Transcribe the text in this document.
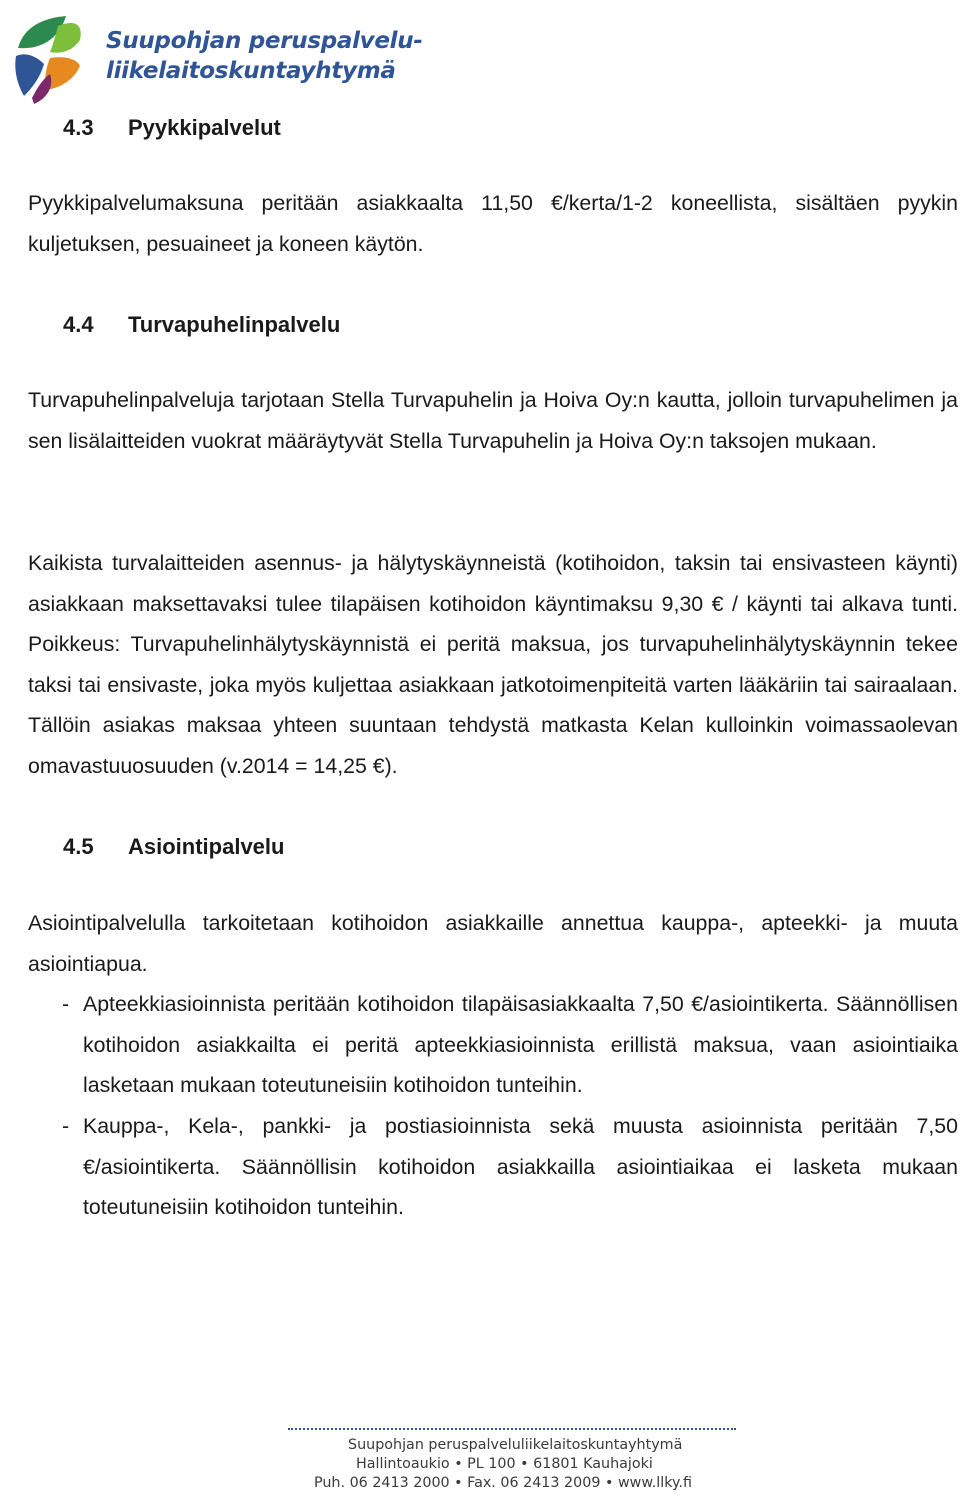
Suupohjan peruspalvelu-
liikelaitoskuntayhtymä
4.3 Pyykkipalvelut
Pyykkipalvelumaksuna peritään asiakkaalta 11,50 €/kerta/1-2 koneellista, sisältäen pyykin kuljetuksen, pesuaineet ja koneen käytön.
4.4 Turvapuhelinpalvelu
Turvapuhelinpalveluja tarjotaan Stella Turvapuhelin ja Hoiva Oy:n kautta, jolloin turvapuhelimen ja sen lisälaitteiden vuokrat määräytyvät Stella Turvapuhelin ja Hoiva Oy:n taksojen mukaan.
Kaikista turvalaitteiden asennus- ja hälytyskäynneistä (kotihoidon, taksin tai ensivasteen käynti) asiakkaan maksettavaksi tulee tilapäisen kotihoidon käyntimaksu 9,30 € / käynti tai alkava tunti. Poikkeus: Turvapuhelinhälytyskäynnistä ei peritä maksua, jos turvapuhelinhälytyskäynnin tekee taksi tai ensivaste, joka myös kuljettaa asiakkaan jatkotoimenpiteitä varten lääkäriin tai sairaalaan. Tällöin asiakas maksaa yhteen suuntaan tehdystä matkasta Kelan kulloinkin voimassaolevan omavastuuosuuden (v.2014 = 14,25 €).
4.5 Asiointipalvelu
Asiointipalvelulla tarkoitetaan kotihoidon asiakkaille annettua kauppa-, apteekki- ja muuta asiointiapua.
- Apteekkiasioinnista peritään kotihoidon tilapäisasiakkaalta 7,50 €/asiointikerta. Säännöllisen kotihoidon asiakkailta ei peritä apteekkiasioinnista erillistä maksua, vaan asiointiaika lasketaan mukaan toteutuneisiin kotihoidon tunteihin.
- Kauppa-, Kela-, pankki- ja postiasioinnista sekä muusta asioinnista peritään 7,50 €/asiointikerta. Säännöllisin kotihoidon asiakkailla asiointiaikaa ei lasketa mukaan toteutuneisiin kotihoidon tunteihin.
Suupohjan peruspalveluliikelaitoskuntayhtymä
Hallintoaukio • PL 100 • 61801 Kauhajoki
Puh. 06 2413 2000 • Fax. 06 2413 2009 • www.llky.fi
